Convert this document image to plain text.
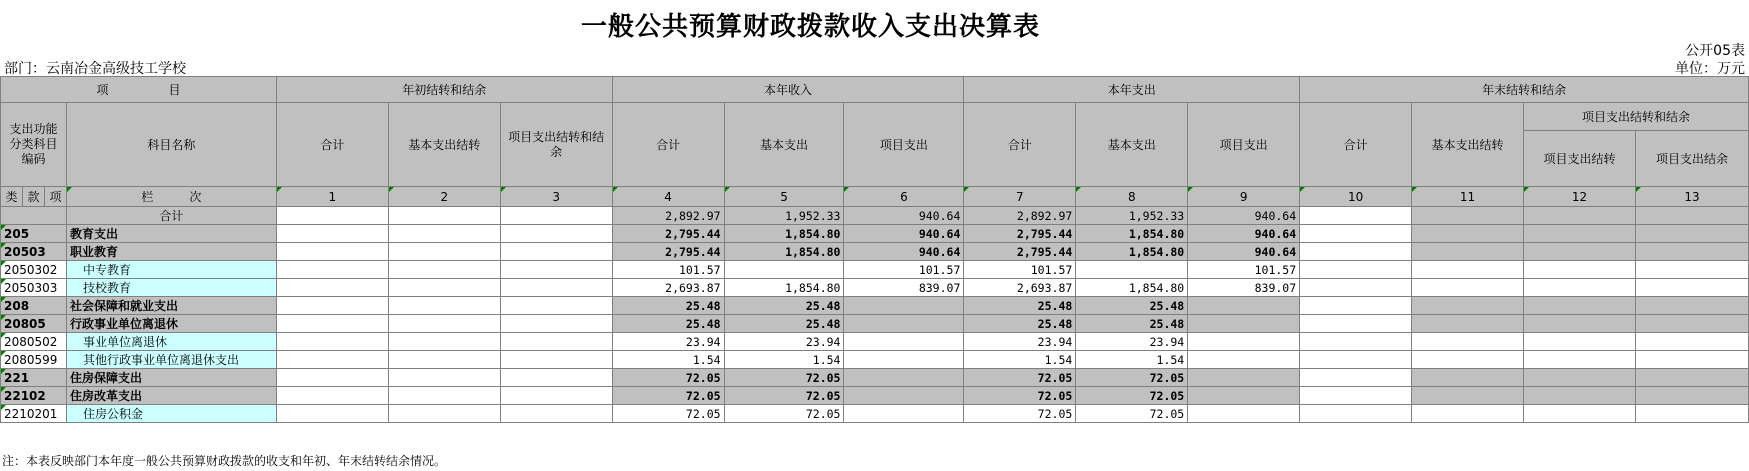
一般公共预算财政拨款收入支出决算表
部门：云南冶金高级技工学校
公开05表
单位：万元
项　　　　　目				年初结转和结余			本年收入			本年支出			年末结转和结余			
支出功能分类科目编码			科目名称	合计	基本支出结转	项目支出结转和结余	合计	基本支出	项目支出	合计	基本支出	项目支出	合计	基本支出结转	项目支出结转和结余	
															项目支出结转	项目支出结余
类	款	项	栏　　　次	1	2	3	4	5	6	7	8	9	10	11	12	13
			合计				2,892.97	1,952.33	940.64	2,892.97	1,952.33	940.64				
205			教育支出				2,795.44	1,854.80	940.64	2,795.44	1,854.80	940.64				
20503			职业教育				2,795.44	1,854.80	940.64	2,795.44	1,854.80	940.64				
2050302			中专教育				101.57		101.57	101.57		101.57				
2050303			技校教育				2,693.87	1,854.80	839.07	2,693.87	1,854.80	839.07				
208			社会保障和就业支出				25.48	25.48		25.48	25.48					
20805			行政事业单位离退休				25.48	25.48		25.48	25.48					
2080502			事业单位离退休				23.94	23.94		23.94	23.94					
2080599			其他行政事业单位离退休支出				1.54	1.54		1.54	1.54					
221			住房保障支出				72.05	72.05		72.05	72.05					
22102			住房改革支出				72.05	72.05		72.05	72.05					
2210201			住房公积金				72.05	72.05		72.05	72.05					
注：本表反映部门本年度一般公共预算财政拨款的收支和年初、年末结转结余情况。
